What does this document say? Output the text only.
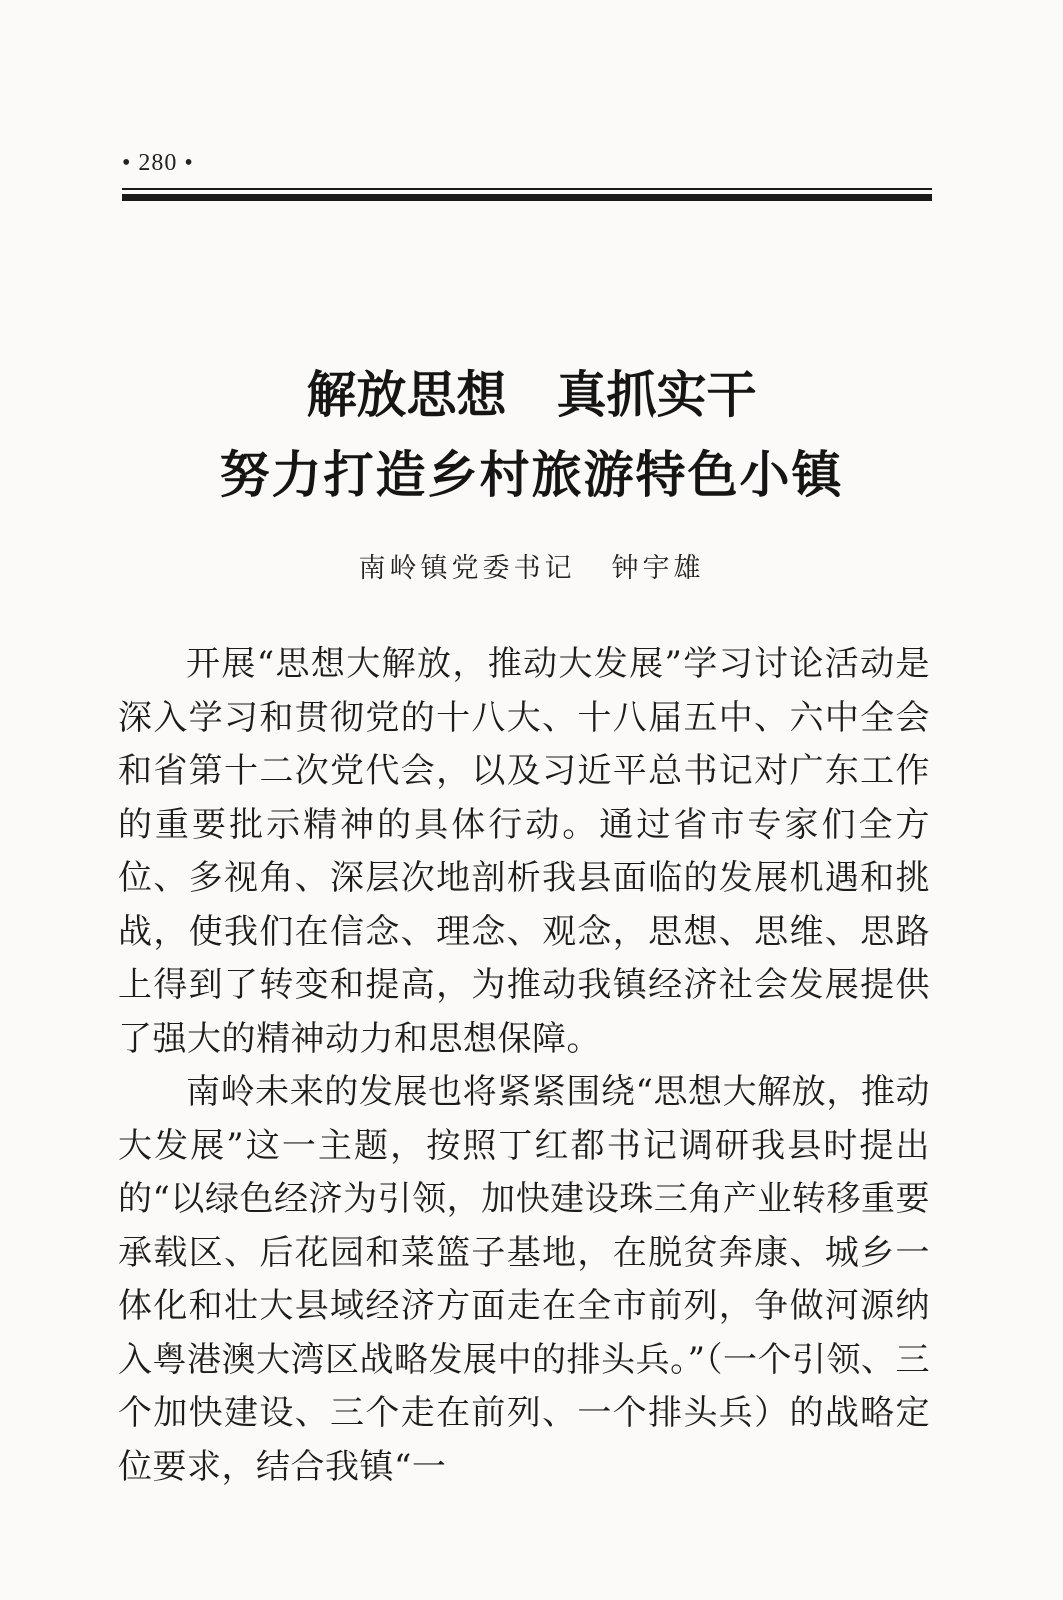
• 280 •
解放思想 真抓实干
努力打造乡村旅游特色小镇
南岭镇党委书记 钟宇雄

开展“思想大解放，推动大发展”学习讨论活动是深入学习和贯彻党的十八大、十八届五中、六中全会和省第十二次党代会，以及习近平总书记对广东工作的重要批示精神的具体行动。通过省市专家们全方位、多视角、深层次地剖析我县面临的发展机遇和挑战，使我们在信念、理念、观念，思想、思维、思路上得到了转变和提高，为推动我镇经济社会发展提供了强大的精神动力和思想保障。

南岭未来的发展也将紧紧围绕“思想大解放，推动大发展”这一主题，按照丁红都书记调研我县时提出的“以绿色经济为引领，加快建设珠三角产业转移重要承载区、后花园和菜篮子基地，在脱贫奔康、城乡一体化和壮大县域经济方面走在全市前列，争做河源纳入粤港澳大湾区战略发展中的排头兵。”（一个引领、三个加快建设、三个走在前列、一个排头兵）的战略定位要求，结合我镇“一
